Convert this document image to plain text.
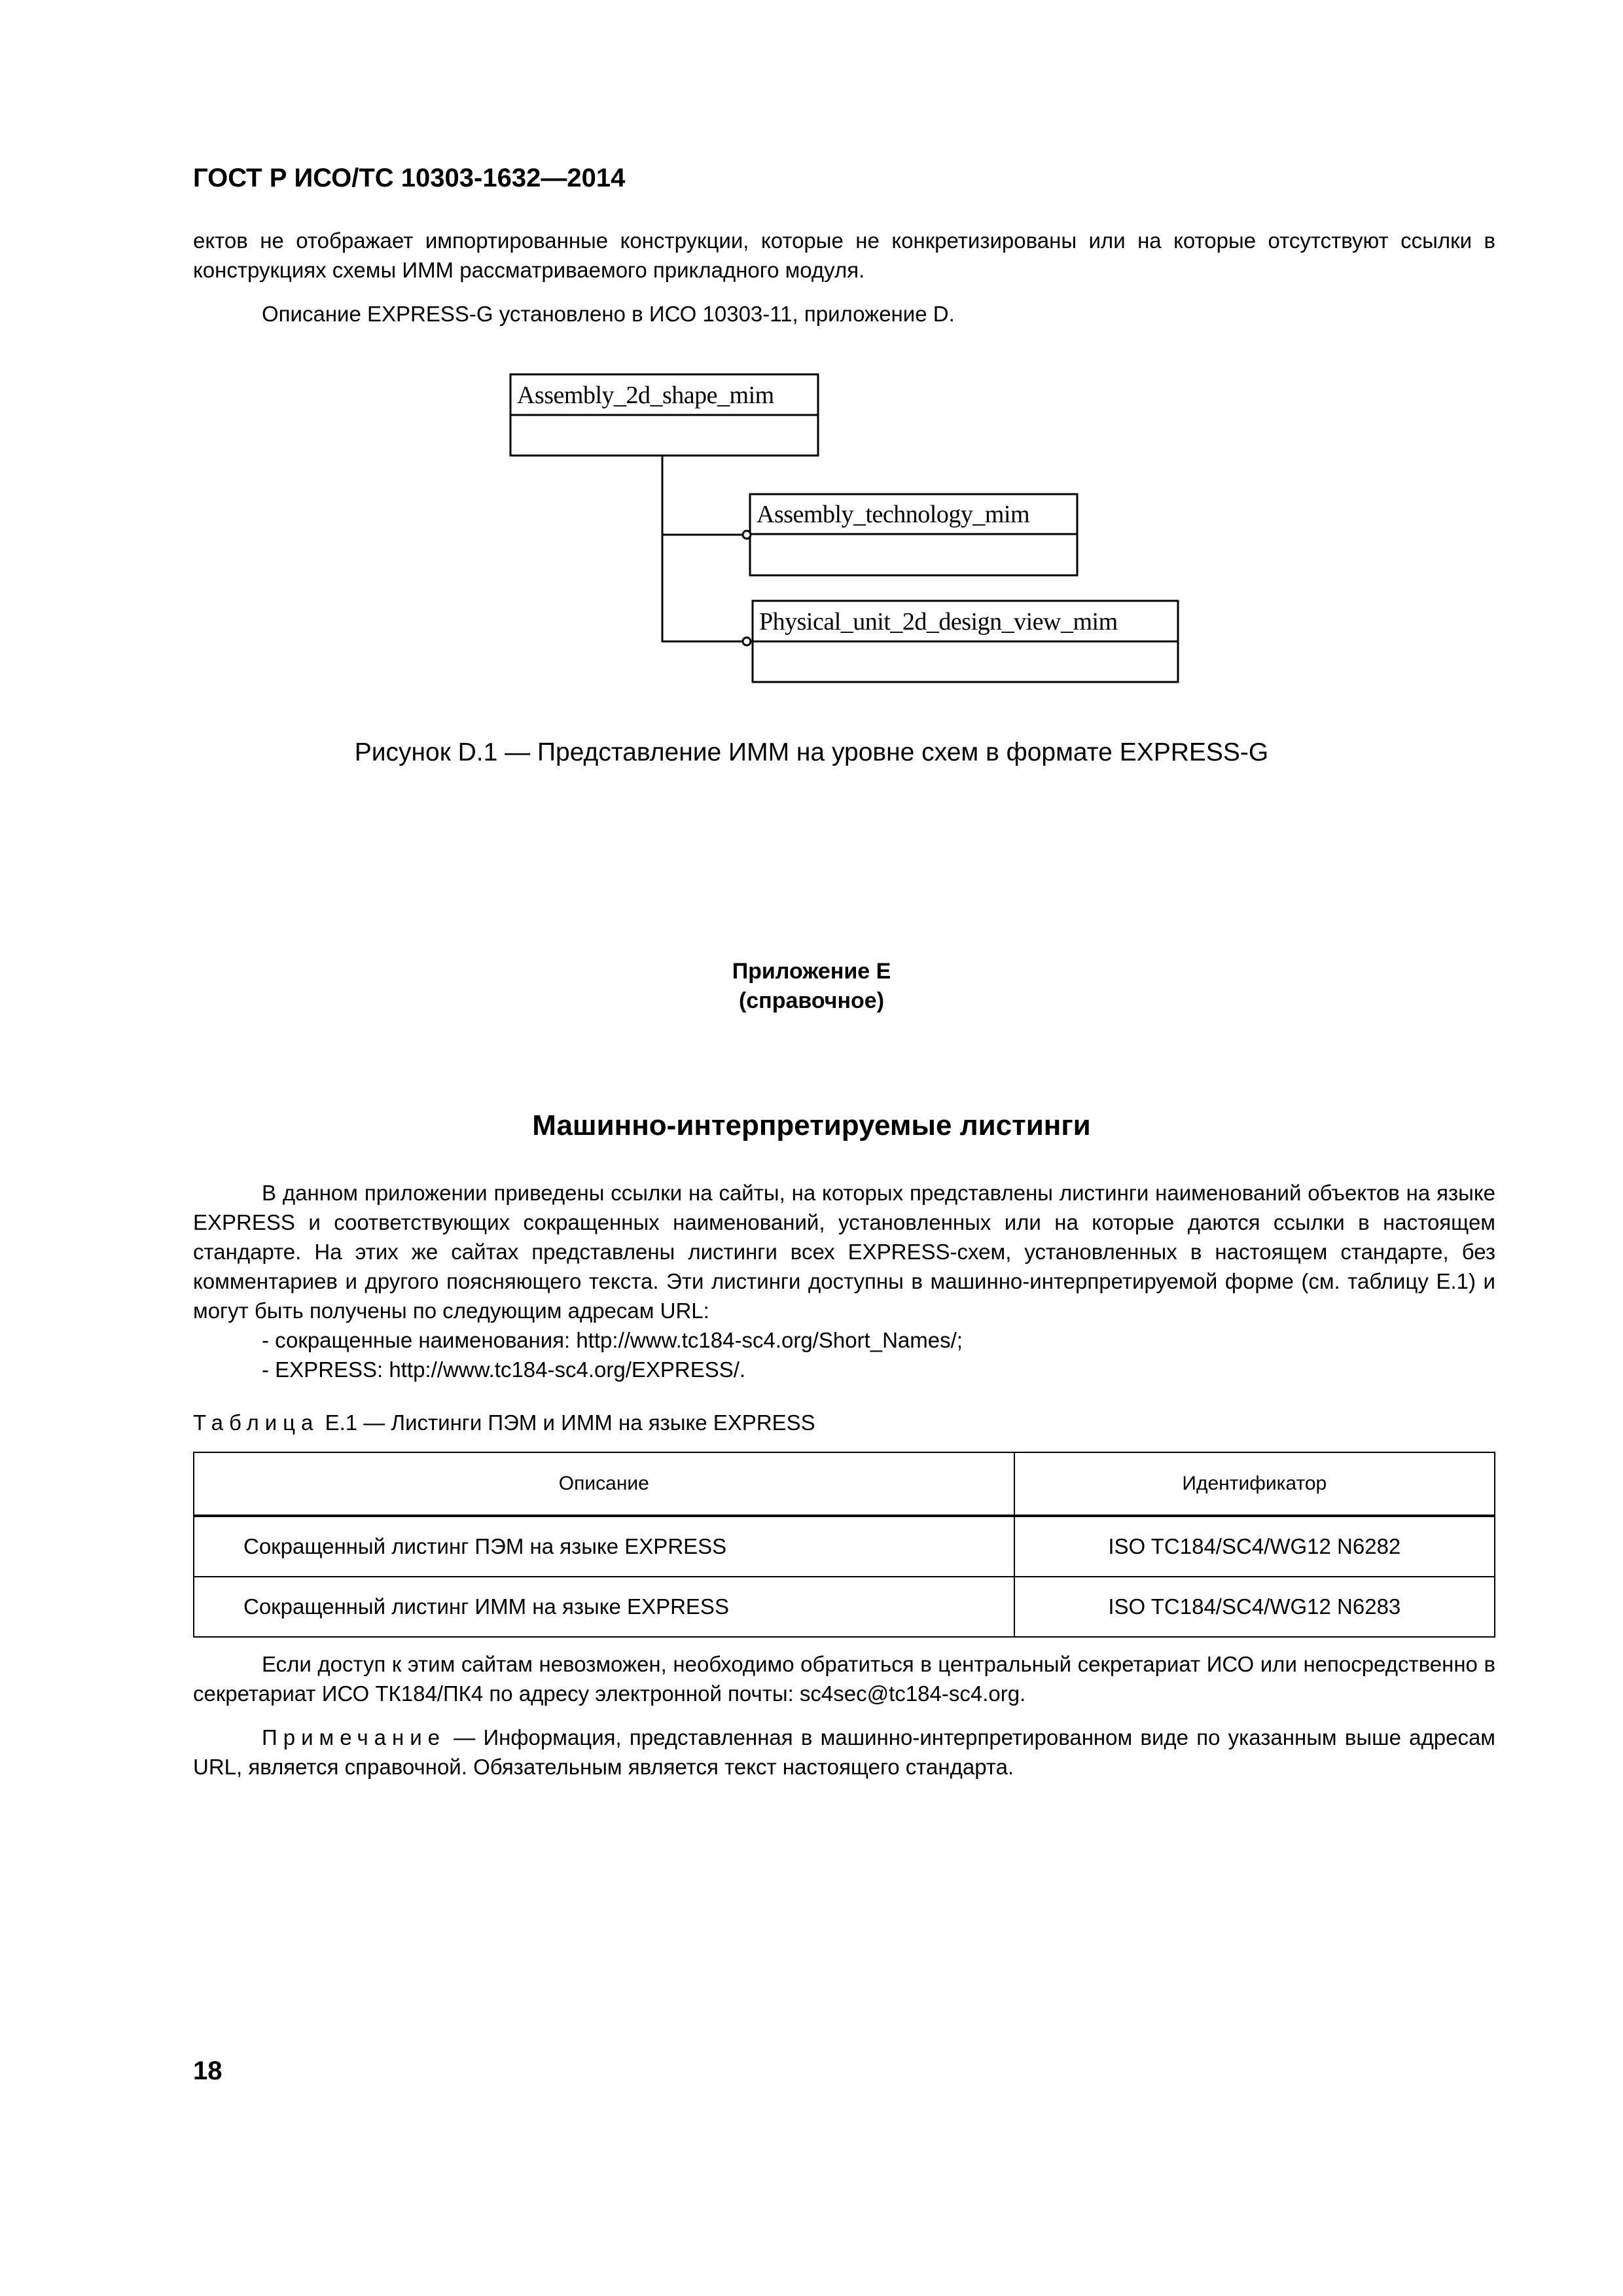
ГОСТ Р ИСО/ТС 10303-1632—2014

ектов не отображает импортированные конструкции, которые не конкретизированы или на которые отсутствуют ссылки в конструкциях схемы ИММ рассматриваемого прикладного модуля.

Описание EXPRESS-G установлено в ИСО 10303-11, приложение D.

Assembly_2d_shape_mim
Assembly_technology_mim
Physical_unit_2d_design_view_mim
Рисунок D.1 — Представление ИММ на уровне схем в формате EXPRESS-G
Приложение E
(справочное)
Машинно-интерпретируемые листинги

В данном приложении приведены ссылки на сайты, на которых представлены листинги наименований объектов на языке EXPRESS и соответствующих сокращенных наименований, установленных или на которые даются ссылки в настоящем стандарте. На этих же сайтах представлены листинги всех EXPRESS-схем, установленных в настоящем стандарте, без комментариев и другого поясняющего текста. Эти листинги доступны в машинно-интерпретируемой форме (см. таблицу E.1) и могут быть получены по следующим адресам URL:

- сокращенные наименования: http://www.tc184-sc4.org/Short_Names/;
- EXPRESS: http://www.tc184-sc4.org/EXPRESS/.
Таблица E.1 — Листинги ПЭМ и ИММ на языке EXPRESS
Описание	Идентификатор
Сокращенный листинг ПЭМ на языке EXPRESS	ISO TC184/SC4/WG12 N6282
Сокращенный листинг ИММ на языке EXPRESS	ISO TC184/SC4/WG12 N6283

Если доступ к этим сайтам невозможен, необходимо обратиться в центральный секретариат ИСО или непосредственно в секретариат ИСО ТК184/ПК4 по адресу электронной почты: sc4sec@tc184-sc4.org.

Примечание — Информация, представленная в машинно-интерпретированном виде по указанным выше адресам URL, является справочной. Обязательным является текст настоящего стандарта.

18
